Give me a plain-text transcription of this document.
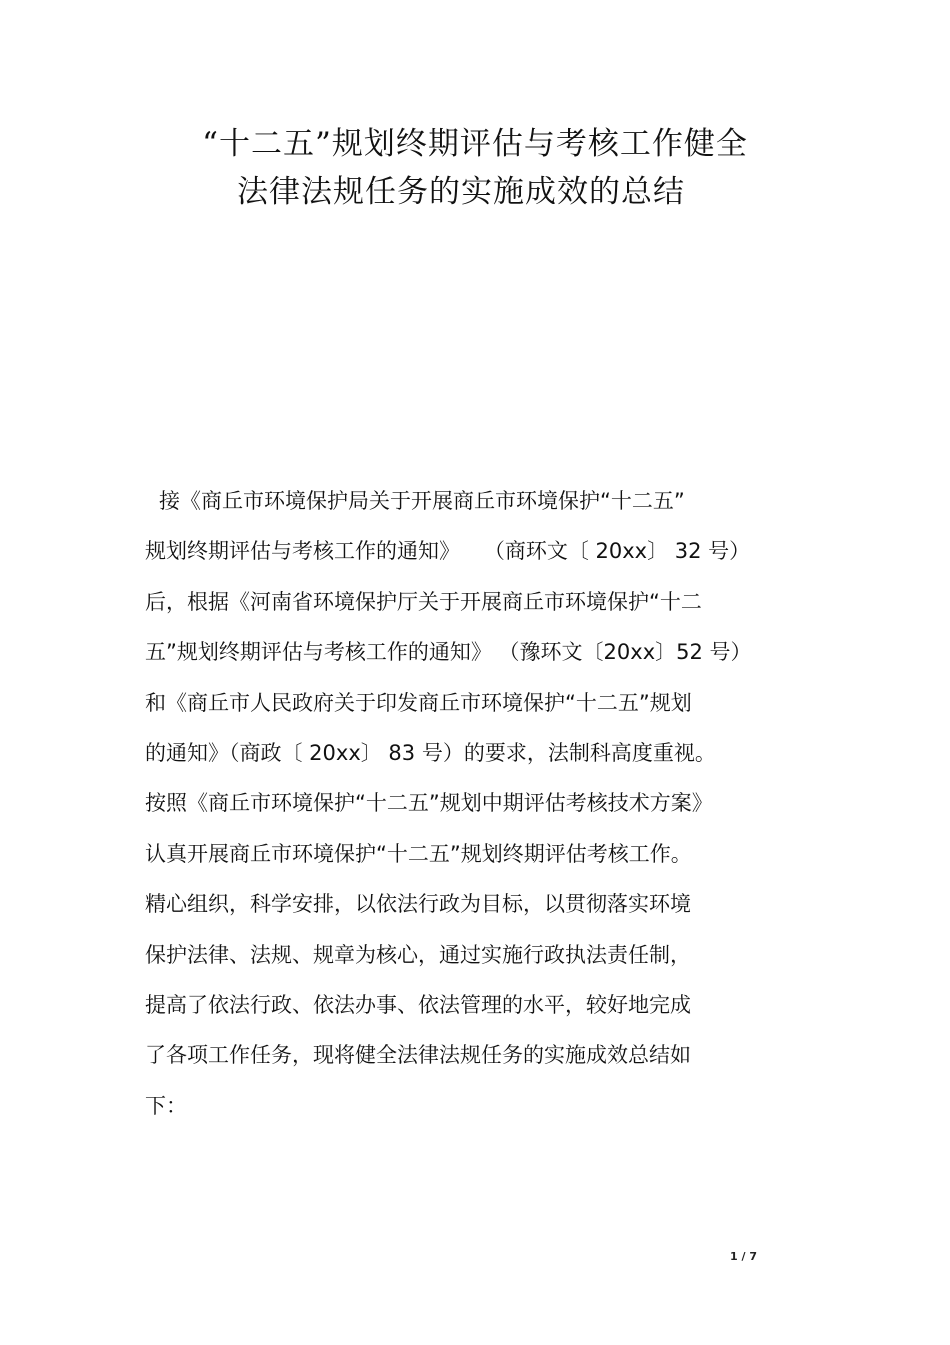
“十二五”规划终期评估与考核工作健全
法律法规任务的实施成效的总结
接《商丘市环境保护局关于开展商丘市环境保护“十二五”
规划终期评估与考核工作的通知》　  （商环文〔 20xx〕 32 号）
后，根据《河南省环境保护厅关于开展商丘市环境保护“十二
五”规划终期评估与考核工作的通知》 （豫环文〔20xx〕52 号）
和《商丘市人民政府关于印发商丘市环境保护“十二五”规划
的通知》（商政〔 20xx〕 83 号）的要求，法制科高度重视。
按照《商丘市环境保护“十二五”规划中期评估考核技术方案》
认真开展商丘市环境保护“十二五”规划终期评估考核工作。
精心组织，科学安排，以依法行政为目标，以贯彻落实环境
保护法律、法规、规章为核心，通过实施行政执法责任制，
提高了依法行政、依法办事、依法管理的水平，较好地完成
了各项工作任务，现将健全法律法规任务的实施成效总结如
下：
1 / 7
